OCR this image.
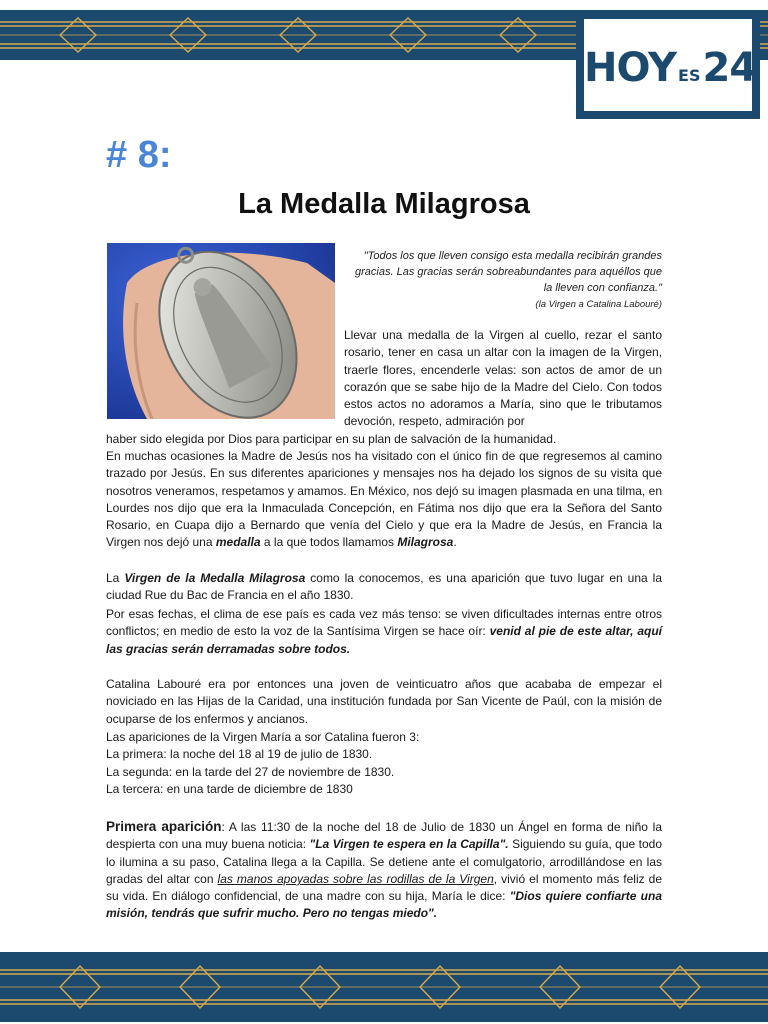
HOY ES24
# 8:
La Medalla Milagrosa
"Todos los que lleven consigo esta medalla recibirán grandes gracias. Las gracias serán sobreabundantes para aquéllos que la lleven con confianza."
(la Virgen a Catalina Labouré)
Llevar una medalla de la Virgen al cuello, rezar el santo rosario, tener en casa un altar con la imagen de la Virgen, traerle flores, encenderle velas: son actos de amor de un corazón que se sabe hijo de la Madre del Cielo. Con todos estos actos no adoramos a María, sino que le tributamos devoción, respeto, admiración por
haber sido elegida por Dios para participar en su plan de salvación de la humanidad.
En muchas ocasiones la Madre de Jesús nos ha visitado con el único fin de que regresemos al camino trazado por Jesús. En sus diferentes apariciones y mensajes nos ha dejado los signos de su visita que nosotros veneramos, respetamos y amamos. En México, nos dejó su imagen plasmada en una tilma, en Lourdes nos dijo que era la Inmaculada Concepción, en Fátima nos dijo que era la Señora del Santo Rosario, en Cuapa dijo a Bernardo que venía del Cielo y que era la Madre de Jesús, en Francia la Virgen nos dejó una medalla a la que todos llamamos Milagrosa.
La Virgen de la Medalla Milagrosa como la conocemos, es una aparición que tuvo lugar en una la ciudad Rue du Bac de Francia en el año 1830.
Por esas fechas, el clima de ese país es cada vez más tenso: se viven dificultades internas entre otros conflictos; en medio de esto la voz de la Santísima Virgen se hace oír: venid al pie de este altar, aquí las gracias serán derramadas sobre todos.
Catalina Labouré era por entonces una joven de veinticuatro años que acababa de empezar el noviciado en las Hijas de la Caridad, una institución fundada por San Vicente de Paúl, con la misión de ocuparse de los enfermos y ancianos.
Las apariciones de la Virgen María a sor Catalina fueron 3:
La primera: la noche del 18 al 19 de julio de 1830.
La segunda: en la tarde del 27 de noviembre de 1830.
La tercera: en una tarde de diciembre de 1830
Primera aparición: A las 11:30 de la noche del 18 de Julio de 1830 un Ángel en forma de niño la despierta con una muy buena noticia: "La Virgen te espera en la Capilla". Siguiendo su guía, que todo lo ilumina a su paso, Catalina llega a la Capilla. Se detiene ante el comulgatorio, arrodillándose en las gradas del altar con las manos apoyadas sobre las rodillas de la Virgen, vivió el momento más feliz de su vida. En diálogo confidencial, de una madre con su hija, María le dice: "Dios quiere confiarte una misión, tendrás que sufrir mucho. Pero no tengas miedo".
